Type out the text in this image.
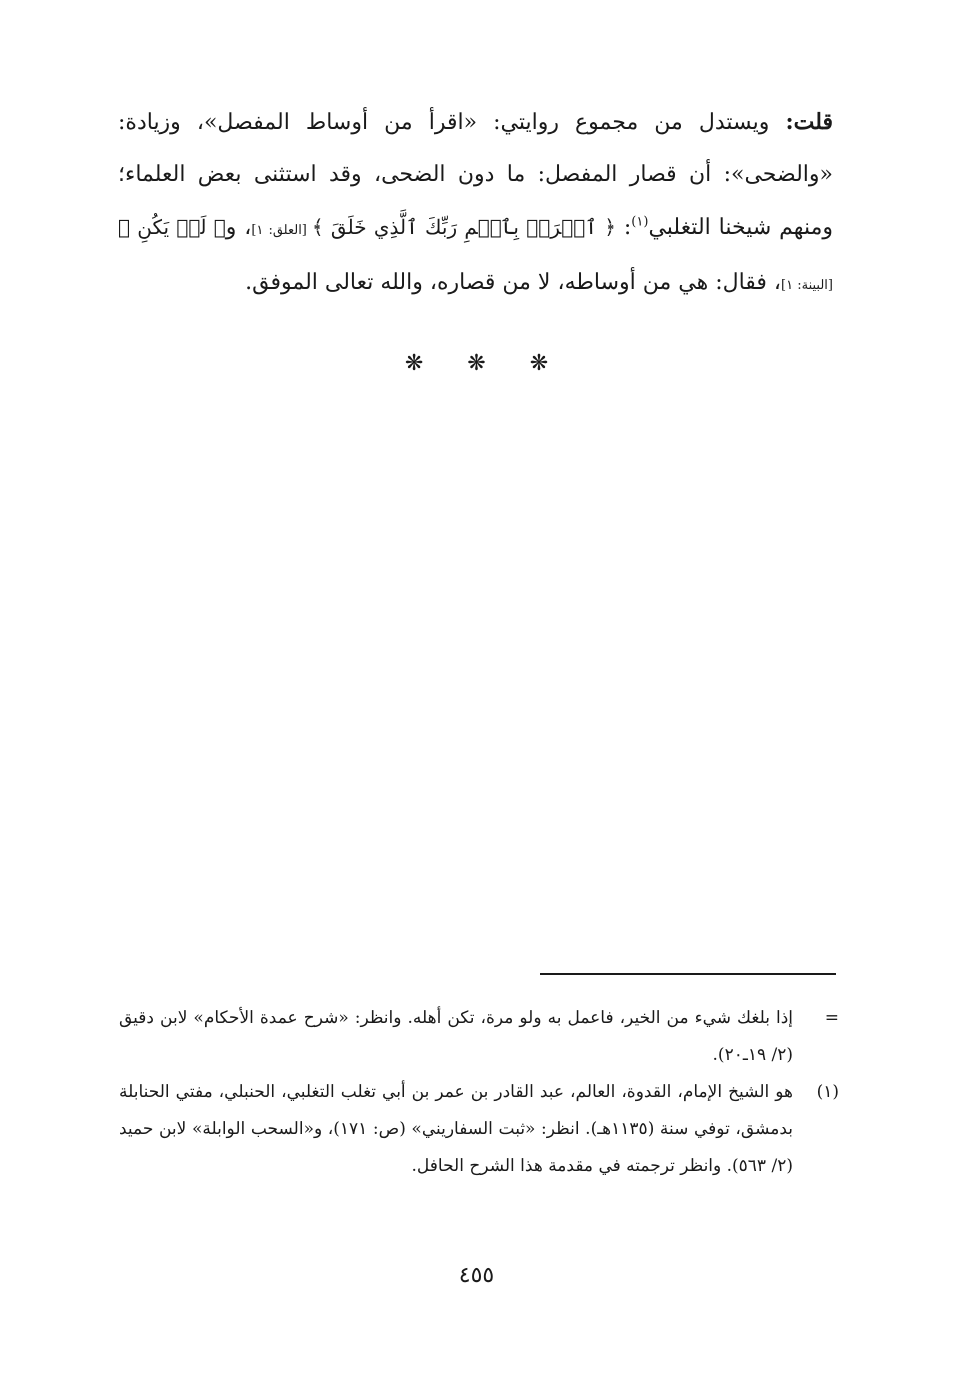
قلت: ويستدل من مجموع روايتي: «اقرأ من أوساط المفصل»، وزيادة: «والضحى»: أن قصار المفصل: ما دون الضحى، وقد استثنى بعض العلماء؛ ومنهم شيخنا التغلبي$^{(١)}$: ﴿ ٱقۡرَأۡ بِٱسۡمِ رَبِّكَ ٱلَّذِي خَلَقَ ﴾ [العلق: ١]، و﴿ لَمۡ يَكُنِ ﴾ [البينة: ١]، فقال: هي من أوساطه، لا من قصاره، والله تعالى الموفق.

❋ ❋ ❋
=
إذا بلغك شيء من الخير، فاعمل به ولو مرة، تكن أهله. وانظر: «شرح عمدة الأحكام» لابن دقيق (٢/ ١٩ـ٢٠).
(١)
هو الشيخ الإمام، القدوة، العالم، عبد القادر بن عمر بن أبي تغلب التغلبي، الحنبلي، مفتي الحنابلة بدمشق، توفي سنة (١١٣٥هـ). انظر: «ثبت السفاريني» (ص: ١٧١)، و«السحب الوابلة» لابن حميد (٢/ ٥٦٣). وانظر ترجمته في مقدمة هذا الشرح الحافل.
٤٥٥
